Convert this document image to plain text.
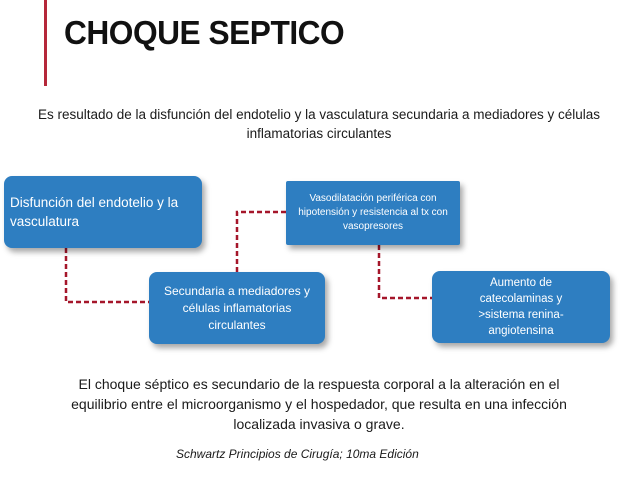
CHOQUE SEPTICO
Es resultado de la disfunción del endotelio y la vasculatura secundaria a mediadores y células inflamatorias circulantes
Disfunción del endotelio y la vasculatura
Secundaria a mediadores y células inflamatorias circulantes
Vasodilatación periférica con hipotensión y resistencia al tx con vasopresores
Aumento de catecolaminas y >sistema renina-angiotensina
El choque séptico es secundario de la respuesta corporal a la alteración en el equilibrio entre el microorganismo y el hospedador, que resulta en una infección localizada invasiva o grave.
Schwartz Principios de Cirugía; 10ma Edición
